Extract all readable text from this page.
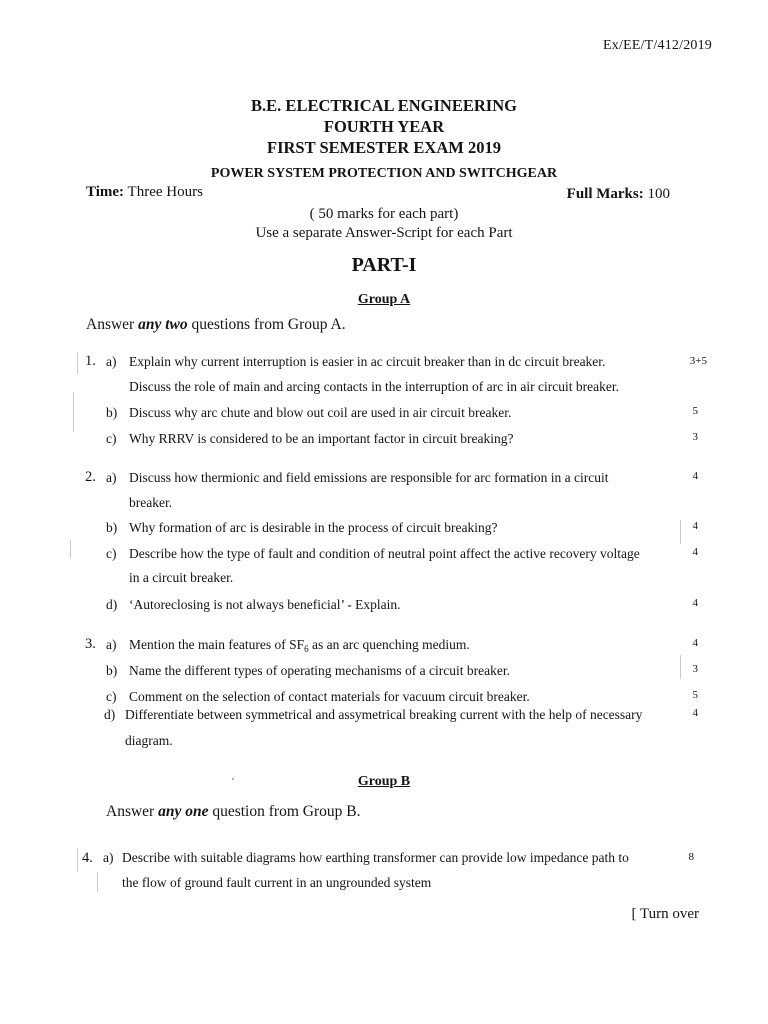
Ex/EE/T/412/2019
B.E. ELECTRICAL ENGINEERING
FOURTH YEAR
FIRST SEMESTER EXAM 2019
POWER SYSTEM PROTECTION AND SWITCHGEAR
Time: Three Hours	Full Marks: 100
( 50 marks for each part)
Use a separate Answer-Script for each Part
PART-I
Group A
Answer any two questions from Group A.
1. a) Explain why current interruption is easier in ac circuit breaker than in dc circuit breaker.	3+5
Discuss the role of main and arcing contacts in the interruption of arc in air circuit breaker.
b) Discuss why arc chute and blow out coil are used in air circuit breaker.	5
c) Why RRRV is considered to be an important factor in circuit breaking?	3
2. a) Discuss how thermionic and field emissions are responsible for arc formation in a circuit	4
breaker.
b) Why formation of arc is desirable in the process of circuit breaking?	4
c) Describe how the type of fault and condition of neutral point affect the active recovery voltage	4
in a circuit breaker.
d) ‘Autoreclosing is not always beneficial’ - Explain.	4
3. a) Mention the main features of $SF_6$ as an arc quenching medium.	4
b) Name the different types of operating mechanisms of a circuit breaker.	3
c) Comment on the selection of contact materials for vacuum circuit breaker.	5
d) Differentiate between symmetrical and assymetrical breaking current with the help of necessary	4
diagram.
Group B
Answer any one question from Group B.
4. a) Describe with suitable diagrams how earthing transformer can provide low impedance path to	8
the flow of ground fault current in an ungrounded system
[ Turn over
